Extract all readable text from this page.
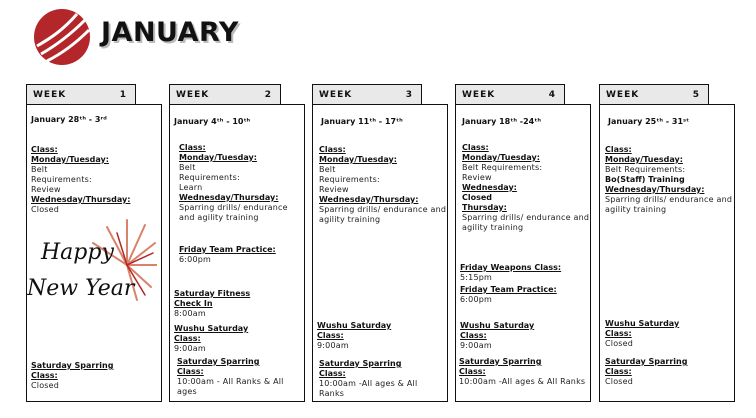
JANUARY
WEEK	1
January 28ᵗʰ - 3ʳᵈ
Class:
Monday/Tuesday:
Belt Requirements: Review
Wednesday/Thursday:
Closed
Happy
New Year
Saturday Sparring Class:
Closed
WEEK	2
January 4ᵗʰ - 10ᵗʰ
Class:
Monday/Tuesday:
Belt Requirements: Learn
Wednesday/Thursday:
Sparring drills/ endurance and agility training
Friday Team Practice:
6:00pm
Saturday Fitness Check In
8:00am
Wushu Saturday Class:
9:00am
Saturday Sparring Class:
10:00am - All Ranks & All ages
WEEK	3
January 11ᵗʰ - 17ᵗʰ
Class:
Monday/Tuesday:
Belt Requirements: Review
Wednesday/Thursday:
Sparring drills/ endurance and agility training
Wushu Saturday Class:
9:00am
Saturday Sparring Class:
10:00am -All ages & All Ranks
WEEK	4
January 18ᵗʰ -24ᵗʰ
Class:
Monday/Tuesday:
Belt Requirements: Review
Wednesday:
Closed
Thursday:
Sparring drills/ endurance and agility training
Friday Weapons Class:
5:15pm
Friday Team Practice:
6:00pm
Wushu Saturday Class:
9:00am
Saturday Sparring Class:
10:00am -All ages & All Ranks
WEEK	5
January 25ᵗʰ - 31ˢᵗ
Class:
Monday/Tuesday:
Belt Requirements:
Bo(Staff) Training
Wednesday/Thursday:
Sparring drills/ endurance and agility training
Wushu Saturday Class:
Closed
Saturday Sparring Class:
Closed
